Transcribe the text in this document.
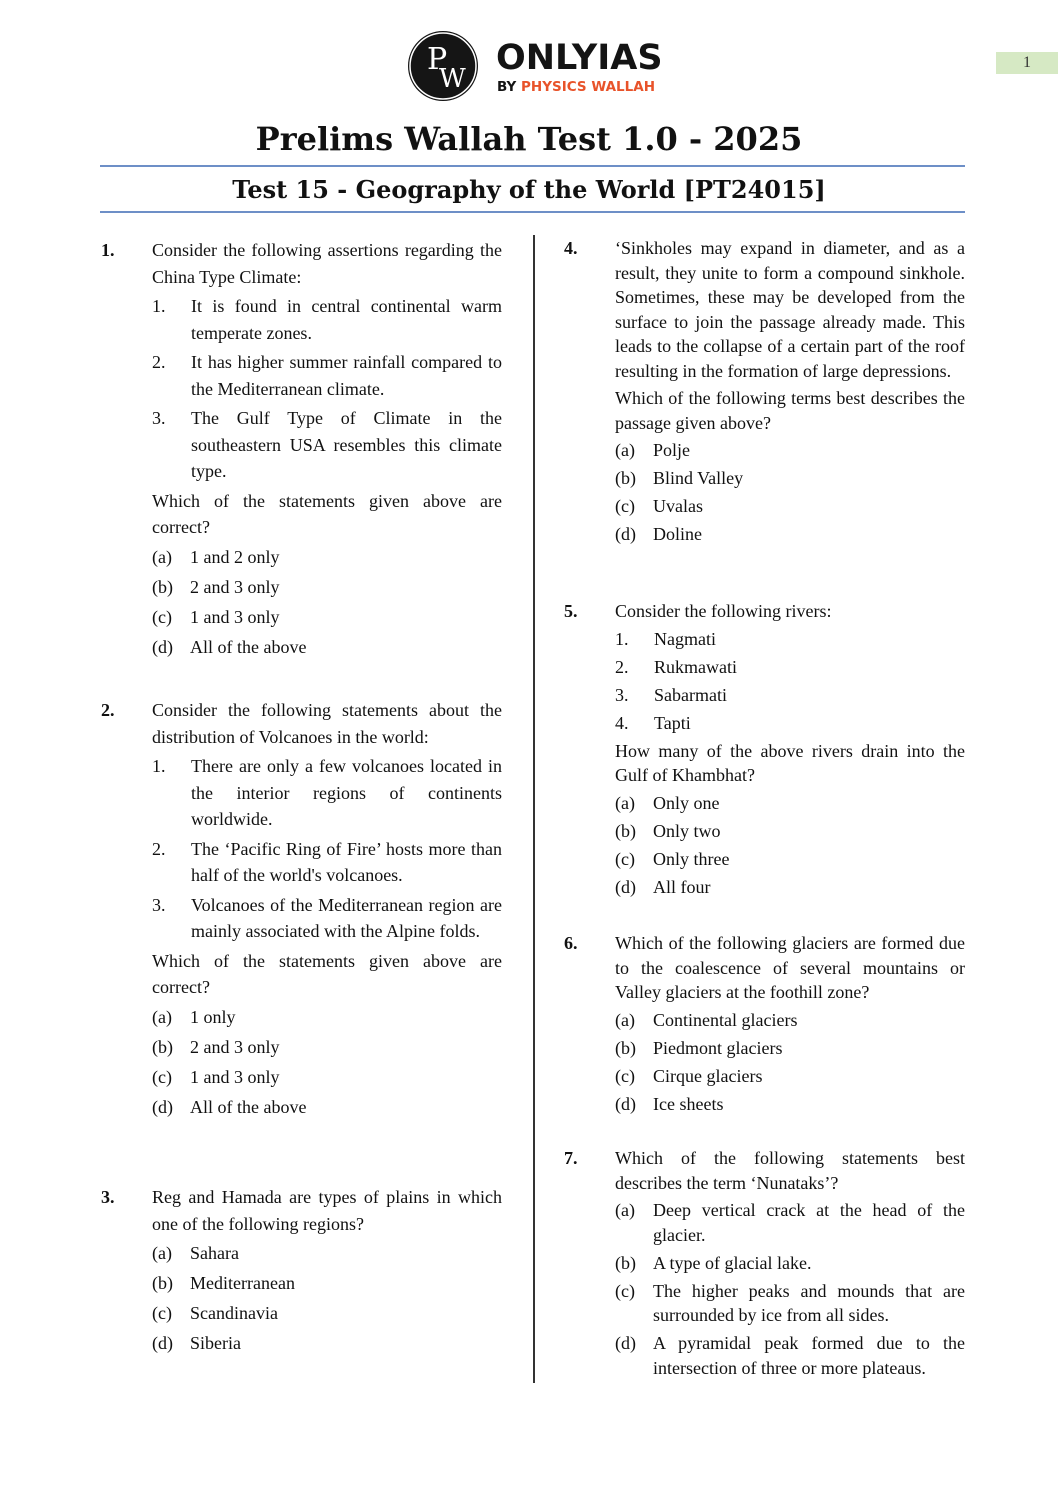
1
P
W
ONLYIAS
BY PHYSICS WALLAH
Prelims Wallah Test 1.0 - 2025
Test 15 - Geography of the World [PT24015]
1. Consider the following assertions regarding the China Type Climate:

1. It is found in central continental warm temperate zones.
2. It has higher summer rainfall compared to the Mediterranean climate.
3. The Gulf Type of Climate in the southeastern USA resembles this climate type.

Which of the statements given above are correct?

(a) 1 and 2 only
(b) 2 and 3 only
(c) 1 and 3 only
(d) All of the above
2. Consider the following statements about the distribution of Volcanoes in the world:

1. There are only a few volcanoes located in the interior regions of continents worldwide.
2. The ‘Pacific Ring of Fire’ hosts more than half of the world's volcanoes.
3. Volcanoes of the Mediterranean region are mainly associated with the Alpine folds.

Which of the statements given above are correct?

(a) 1 only
(b) 2 and 3 only
(c) 1 and 3 only
(d) All of the above
3. Reg and Hamada are types of plains in which one of the following regions?

(a) Sahara
(b) Mediterranean
(c) Scandinavia
(d) Siberia
4. ‘Sinkholes may expand in diameter, and as a result, they unite to form a compound sinkhole. Sometimes, these may be developed from the surface to join the passage already made. This leads to the collapse of a certain part of the roof resulting in the formation of large depressions.

Which of the following terms best describes the passage given above?

(a) Polje
(b) Blind Valley
(c) Uvalas
(d) Doline
5. Consider the following rivers:

1. Nagmati
2. Rukmawati
3. Sabarmati
4. Tapti

How many of the above rivers drain into the Gulf of Khambhat?

(a) Only one
(b) Only two
(c) Only three
(d) All four
6. Which of the following glaciers are formed due to the coalescence of several mountains or Valley glaciers at the foothill zone?

(a) Continental glaciers
(b) Piedmont glaciers
(c) Cirque glaciers
(d) Ice sheets
7. Which of the following statements best describes the term ‘Nunataks’?

(a) Deep vertical crack at the head of the glacier.
(b) A type of glacial lake.
(c) The higher peaks and mounds that are surrounded by ice from all sides.
(d) A pyramidal peak formed due to the intersection of three or more plateaus.
